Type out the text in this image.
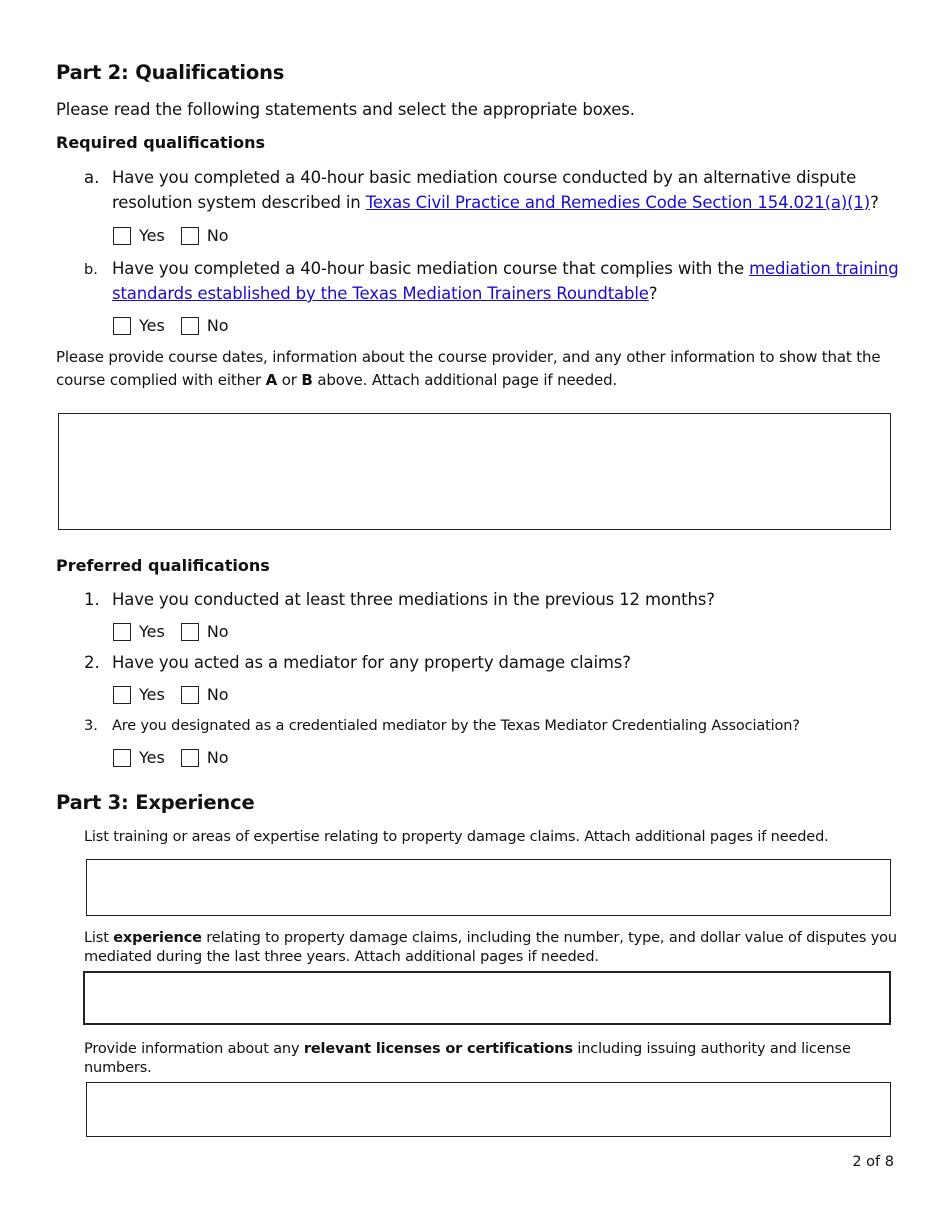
Part 2: Qualifications
Please read the following statements and select the appropriate boxes.
Required qualifications
a. Have you completed a 40-hour basic mediation course conducted by an alternative dispute resolution system described in Texas Civil Practice and Remedies Code Section 154.021(a)(1)?
Yes	No
b. Have you completed a 40-hour basic mediation course that complies with the mediation training standards established by the Texas Mediation Trainers Roundtable?
Yes	No
Please provide course dates, information about the course provider, and any other information to show that the course complied with either A or B above. Attach additional page if needed.
Preferred qualifications
1. Have you conducted at least three mediations in the previous 12 months?
Yes	No
2. Have you acted as a mediator for any property damage claims?
Yes	No
3. Are you designated as a credentialed mediator by the Texas Mediator Credentialing Association?
Yes	No
Part 3: Experience
List training or areas of expertise relating to property damage claims. Attach additional pages if needed.
List experience relating to property damage claims, including the number, type, and dollar value of disputes you mediated during the last three years. Attach additional pages if needed.
Provide information about any relevant licenses or certifications including issuing authority and license numbers.
2 of 8
